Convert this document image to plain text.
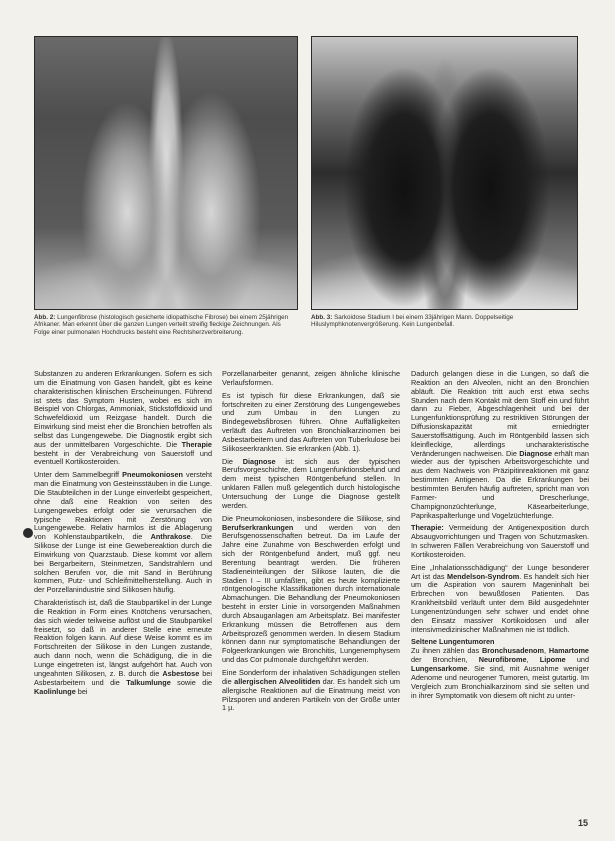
Abb. 2: Lungenfibrose (histologisch gesicherte idiopathische Fibrose) bei einem 25jährigen Afrikaner. Man erkennt über die ganzen Lungen verteilt streifig fleckige Zeichnungen. Als Folge einer pulmonalen Hochdrucks besteht eine Rechtsherzverbreiterung.
Abb. 3: Sarkoidose Stadium I bei einem 33jährigen Mann. Doppelseitige Hiluslymphknotenvergrößerung. Kein Lungenbefall.

Substanzen zu anderen Erkrankungen. Sofern es sich um die Einatmung von Gasen handelt, gibt es keine charakteristischen klinischen Erscheinungen. Führend ist stets das Symptom Husten, wobei es sich im Beispiel von Chlorgas, Ammoniak, Stickstoffdioxid und Schwefeldioxid um Reizgase handelt. Durch die Einwirkung sind meist eher die Bronchien betroffen als selbst das Lungengewebe. Die Diagnostik ergibt sich aus der unmittelbaren Vorgeschichte. Die Therapie besteht in der Verabreichung von Sauerstoff und eventuell Kortikosteroiden.

Unter dem Sammelbegriff Pneumokoniosen versteht man die Einatmung von Gesteinsstäuben in die Lunge. Die Staubteilchen in der Lunge einverleibt gespeichert, ohne daß eine Reaktion von seiten des Lungengewebes erfolgt oder sie verursachen die typische Reaktionen mit Zerstörung von Lungengewebe. Relativ harmlos ist die Ablagerung von Kohlenstaubpartikeln, die Anthrakose. Die Silikose der Lunge ist eine Gewebereaktion durch die Einwirkung von Quarzstaub. Diese kommt vor allem bei Bergarbeitern, Steinmetzen, Sandstrahlern und solchen Berufen vor, die mit Sand in Berührung kommen, Putz- und Schleifmittelherstellung. Auch in der Porzellanindustrie sind Silikosen häufig.

Charakteristisch ist, daß die Staubpartikel in der Lunge die Reaktion in Form eines Knötchens verursachen, das sich wieder teilweise auflöst und die Staubpartikel freisetzt, so daß in anderer Stelle eine erneute Reaktion folgen kann. Auf diese Weise kommt es im Fortschreiten der Silikose in den Lungen zustande, auch dann noch, wenn die Schädigung, die in die Lunge eingetreten ist, längst aufgehört hat. Auch von ungeahnten Silikosen, z. B. durch die Asbestose bei Asbestarbeitern und die Talkumlunge sowie die Kaolinlunge bei

Porzellanarbeiter genannt, zeigen ähnliche klinische Verlaufsformen.

Es ist typisch für diese Erkrankungen, daß sie fortschreiten zu einer Zerstörung des Lungengewebes und zum Umbau in den Lungen zu Bindegewebsfibrosen führen. Ohne Auffälligkeiten verläuft das Auftreten von Bronchialkarzinomen bei Asbestarbeitern und das Auftreten von Tuberkulose bei Silikoseerkrankten. Sie erkranken (Abb. 1).

Die Diagnose ist: sich aus der typischen Berufsvorgeschichte, dem Lungenfunktionsbefund und dem meist typischen Röntgenbefund stellen. In unklaren Fällen muß gelegentlich durch histologische Untersuchung der Lunge die Diagnose gestellt werden.

Die Pneumokoniosen, insbesondere die Silikose, sind Berufserkrankungen und werden von den Berufsgenossenschaften betreut. Da im Laufe der Jahre eine Zunahme von Beschwerden erfolgt und sich der Röntgenbefund ändert, muß ggf. neu Berentung beantragt werden. Die früheren Stadieneinteilungen der Silikose lauten, die die Stadien I – III umfaßten, gibt es heute komplizierte röntgenologische Klassifikationen durch internationale Abmachungen. Die Behandlung der Pneumokoniosen besteht in erster Linie in vorsorgenden Maßnahmen durch Absauganlagen am Arbeitsplatz. Bei manifester Erkrankung müssen die Betroffenen aus dem Arbeitsprozeß genommen werden. In diesem Stadium können dann nur symptomatische Behandlungen der Folgeerkrankungen wie Bronchitis, Lungenemphysem und das Cor pulmonale durchgeführt werden.

Eine Sonderform der inhalativen Schädigungen stellen die allergischen Alveolitiden dar. Es handelt sich um allergische Reaktionen auf die Einatmung meist von Pilzsporen und anderen Partikeln von der Größe unter 1 µ.

Dadurch gelangen diese in die Lungen, so daß die Reaktion an den Alveolen, nicht an den Bronchien abläuft. Die Reaktion tritt auch erst etwa sechs Stunden nach dem Kontakt mit dem Stoff ein und führt dann zu Fieber, Abgeschlagenheit und bei der Lungenfunktionsprüfung zu restriktiven Störungen der Diffusionskapazität mit erniedrigter Sauerstoffsättigung. Auch im Röntgenbild lassen sich kleinfleckige, allerdings uncharakteristische Veränderungen nachweisen. Die Diagnose erhält man wieder aus der typischen Arbeitsvorgeschichte und aus dem Nachweis von Präzipitinreaktionen mit ganz bestimmten Antigenen. Da die Erkrankungen bei bestimmten Berufen häufig auftreten, spricht man von Farmer- und Drescherlunge, Champignonzüchterlunge, Käsearbeiterlunge, Paprikaspalterlunge und Vogelzüchterlunge.

Therapie: Vermeidung der Antigenexposition durch Absaugvorrichtungen und Tragen von Schutzmasken. In schweren Fällen Verabreichung von Sauerstoff und Kortikosteroiden.

Eine „Inhalationsschädigung“ der Lunge besonderer Art ist das Mendelson-Syndrom. Es handelt sich hier um die Aspiration von saurem Mageninhalt bei Erbrechen von bewußtlosen Patienten. Das Krankheitsbild verläuft unter dem Bild ausgedehnter Lungenentzündungen sehr schwer und endet ohne den Einsatz massiver Kortikoidosen und aller intensivmedizinischer Maßnahmen nie ist tödlich.

Seltene Lungentumoren
Zu ihnen zählen das Bronchusadenom, Hamartome der Bronchien, Neurofibrome, Lipome und Lungensarkome. Sie sind, mit Ausnahme weniger Adenome und neurogener Tumoren, meist gutartig. Im Vergleich zum Bronchialkarzinom sind sie selten und in ihrer Symptomatik von diesem oft nicht zu unter-

15
